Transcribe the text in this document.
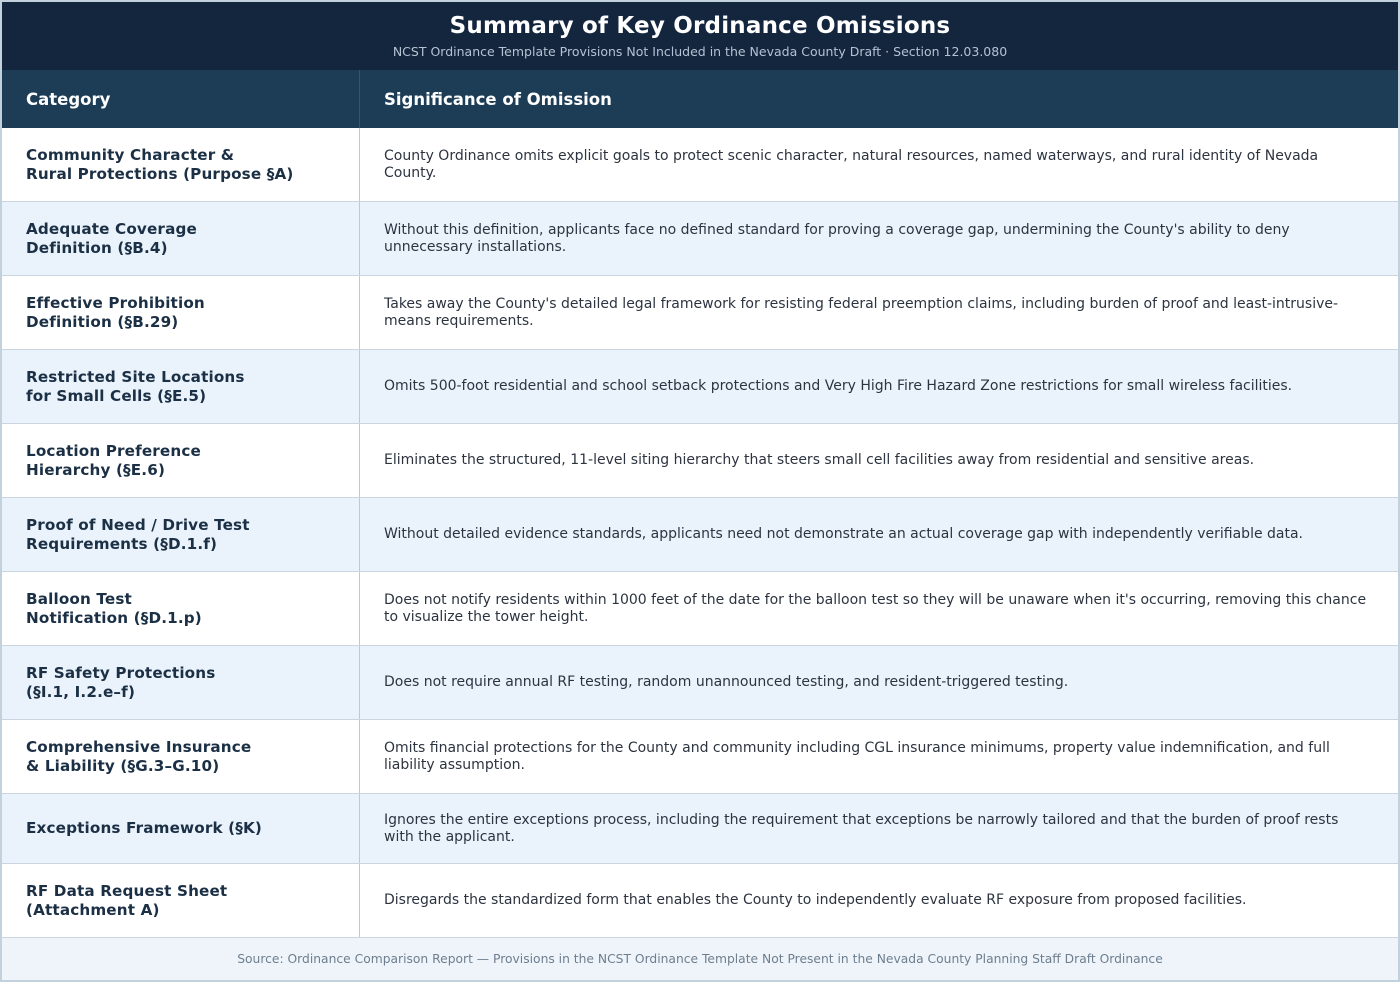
Summary of Key Ordinance Omissions
NCST Ordinance Template Provisions Not Included in the Nevada County Draft · Section 12.03.080
Category	Significance of Omission
Community Character &
Rural Protections (Purpose §A)
County Ordinance omits explicit goals to protect scenic character, natural resources, named waterways, and rural identity of Nevada County.
Adequate Coverage
Definition (§B.4)
Without this definition, applicants face no defined standard for proving a coverage gap, undermining the County's ability to deny unnecessary installations.
Effective Prohibition
Definition (§B.29)
Takes away the County's detailed legal framework for resisting federal preemption claims, including burden of proof and least-intrusive-means requirements.
Restricted Site Locations
for Small Cells (§E.5)
Omits 500-foot residential and school setback protections and Very High Fire Hazard Zone restrictions for small wireless facilities.
Location Preference
Hierarchy (§E.6)
Eliminates the structured, 11-level siting hierarchy that steers small cell facilities away from residential and sensitive areas.
Proof of Need / Drive Test
Requirements (§D.1.f)
Without detailed evidence standards, applicants need not demonstrate an actual coverage gap with independently verifiable data.
Balloon Test
Notification (§D.1.p)
Does not notify residents within 1000 feet of the date for the balloon test so they will be unaware when it's occurring, removing this chance to visualize the tower height.
RF Safety Protections
(§I.1, I.2.e–f)
Does not require annual RF testing, random unannounced testing, and resident-triggered testing.
Comprehensive Insurance
& Liability (§G.3–G.10)
Omits financial protections for the County and community including CGL insurance minimums, property value indemnification, and full liability assumption.
Exceptions Framework (§K)	Ignores the entire exceptions process, including the requirement that exceptions be narrowly tailored and that the burden of proof rests with the applicant.
RF Data Request Sheet
(Attachment A)
Disregards the standardized form that enables the County to independently evaluate RF exposure from proposed facilities.
Source: Ordinance Comparison Report — Provisions in the NCST Ordinance Template Not Present in the Nevada County Planning Staff Draft Ordinance
